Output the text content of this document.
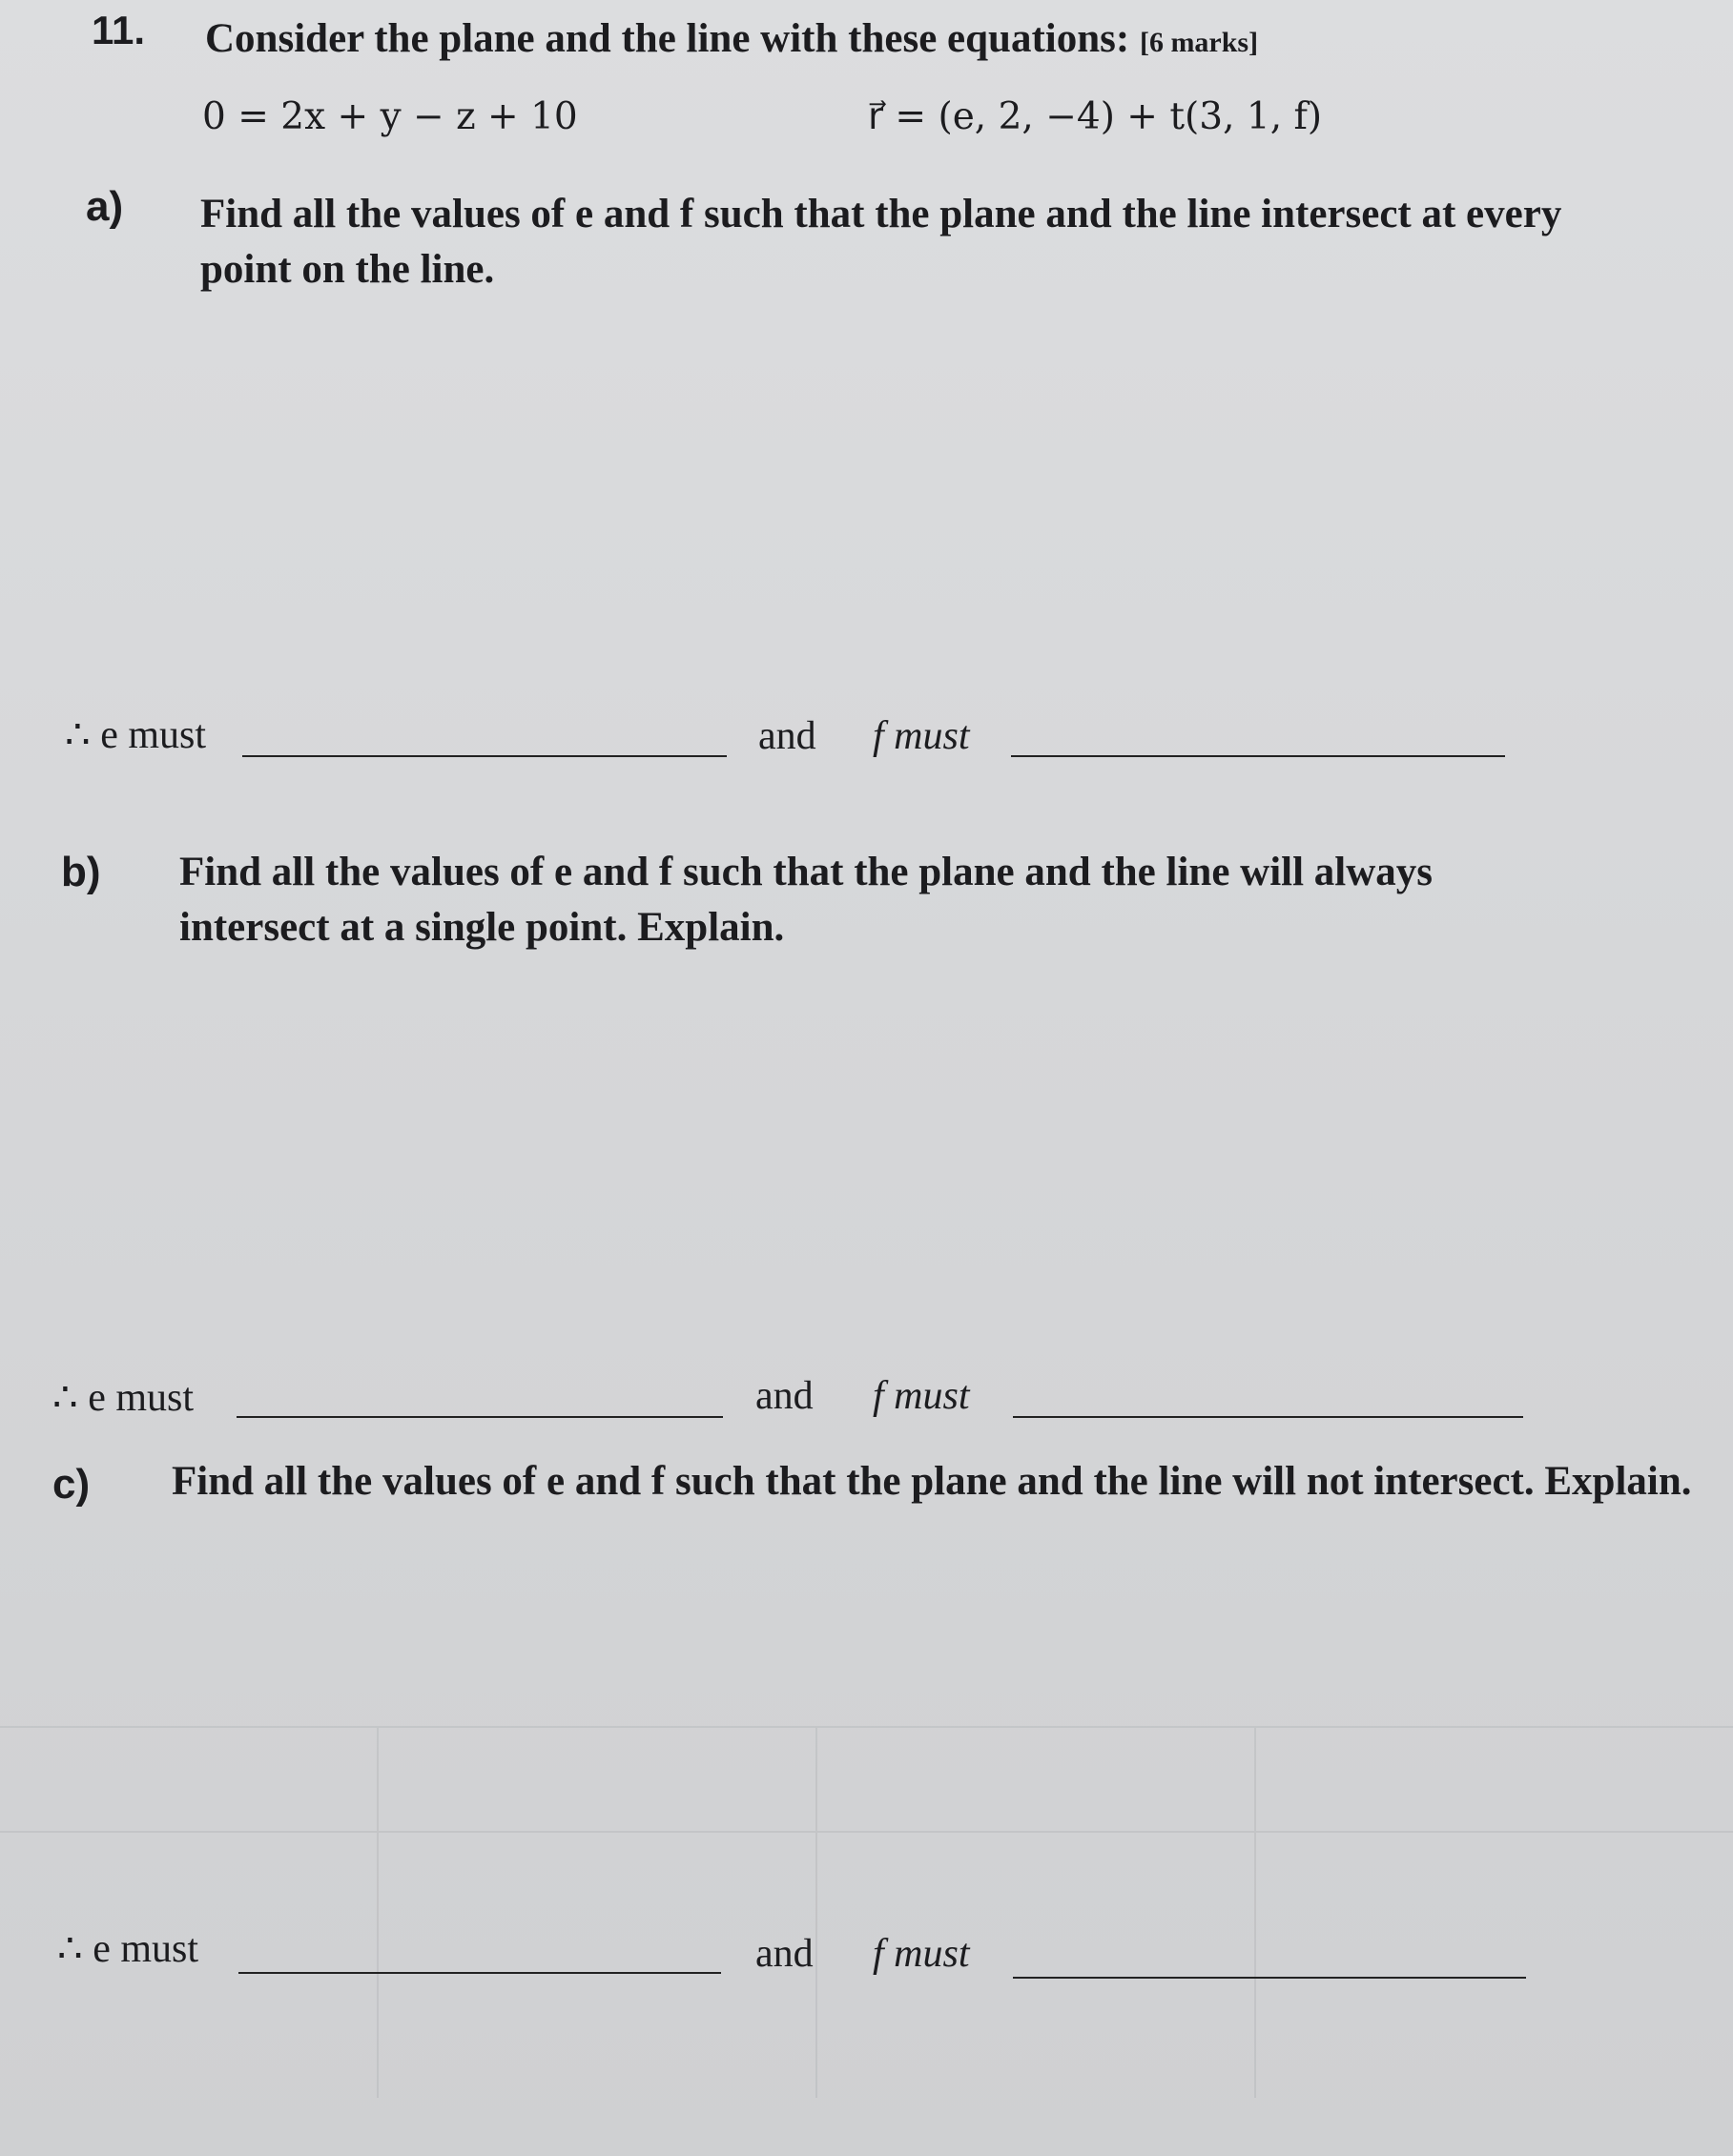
11. Consider the plane and the line with these equations: [6 marks]
0 = 2x + y − z + 10	r⃗ = (e, 2, −4) + t(3, 1, f)
a) Find all the values of e and f such that the plane and the line intersect at every point on the line.
∴ e must	and f must
b) Find all the values of e and f such that the plane and the line will always intersect at a single point. Explain.
∴ e must	and f must
c) Find all the values of e and f such that the plane and the line will not intersect. Explain.
∴ e must	and f must
